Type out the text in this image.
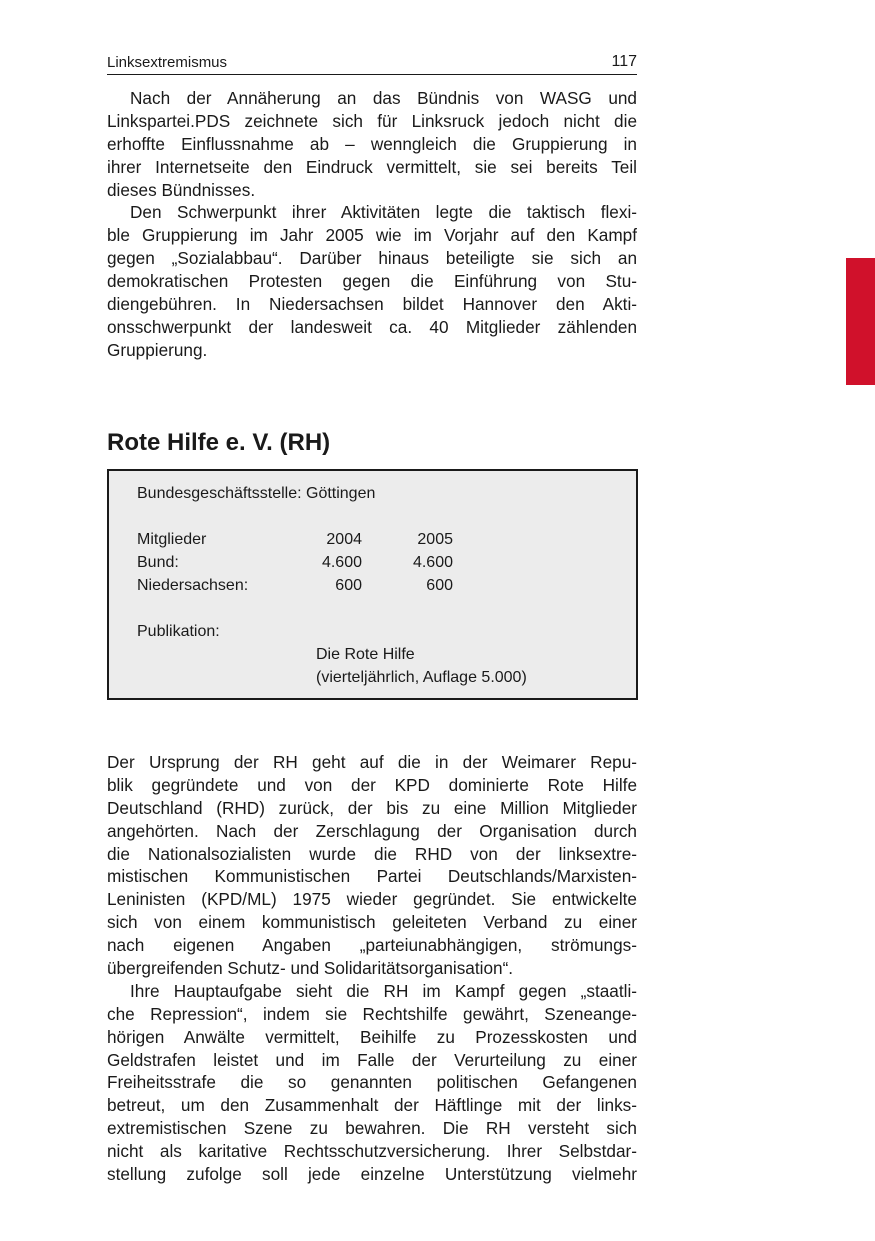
Linksextremismus	117
Nach der Annäherung an das Bündnis von WASG und
Linkspartei.PDS zeichnete sich für Linksruck jedoch nicht die
erhoffte Einflussnahme ab – wenngleich die Gruppierung in
ihrer Internetseite den Eindruck vermittelt, sie sei bereits Teil
dieses Bündnisses.
Den Schwerpunkt ihrer Aktivitäten legte die taktisch flexi-
ble Gruppierung im Jahr 2005 wie im Vorjahr auf den Kampf
gegen „Sozialabbau“. Darüber hinaus beteiligte sie sich an
demokratischen Protesten gegen die Einführung von Stu-
diengebühren. In Niedersachsen bildet Hannover den Akti-
onsschwerpunkt der landesweit ca. 40 Mitglieder zählenden
Gruppierung.
Rote Hilfe e. V. (RH)
Bundesgeschäftsstelle: Göttingen
Mitglieder	2004	2005
Bund:	4.600	4.600
Niedersachsen:	600	600
Publikation:
Die Rote Hilfe
(vierteljährlich, Auflage 5.000)
Der Ursprung der RH geht auf die in der Weimarer Repu-
blik gegründete und von der KPD dominierte Rote Hilfe
Deutschland (RHD) zurück, der bis zu eine Million Mitglieder
angehörten. Nach der Zerschlagung der Organisation durch
die Nationalsozialisten wurde die RHD von der linksextre-
mistischen Kommunistischen Partei Deutschlands/Marxisten-
Leninisten (KPD/ML) 1975 wieder gegründet. Sie entwickelte
sich von einem kommunistisch geleiteten Verband zu einer
nach eigenen Angaben „parteiunabhängigen, strömungs-
übergreifenden Schutz- und Solidaritätsorganisation“.
Ihre Hauptaufgabe sieht die RH im Kampf gegen „staatli-
che Repression“, indem sie Rechtshilfe gewährt, Szeneange-
hörigen Anwälte vermittelt, Beihilfe zu Prozesskosten und
Geldstrafen leistet und im Falle der Verurteilung zu einer
Freiheitsstrafe die so genannten politischen Gefangenen
betreut, um den Zusammenhalt der Häftlinge mit der links-
extremistischen Szene zu bewahren. Die RH versteht sich
nicht als karitative Rechtsschutzversicherung. Ihrer Selbstdar-
stellung zufolge soll jede einzelne Unterstützung vielmehr
